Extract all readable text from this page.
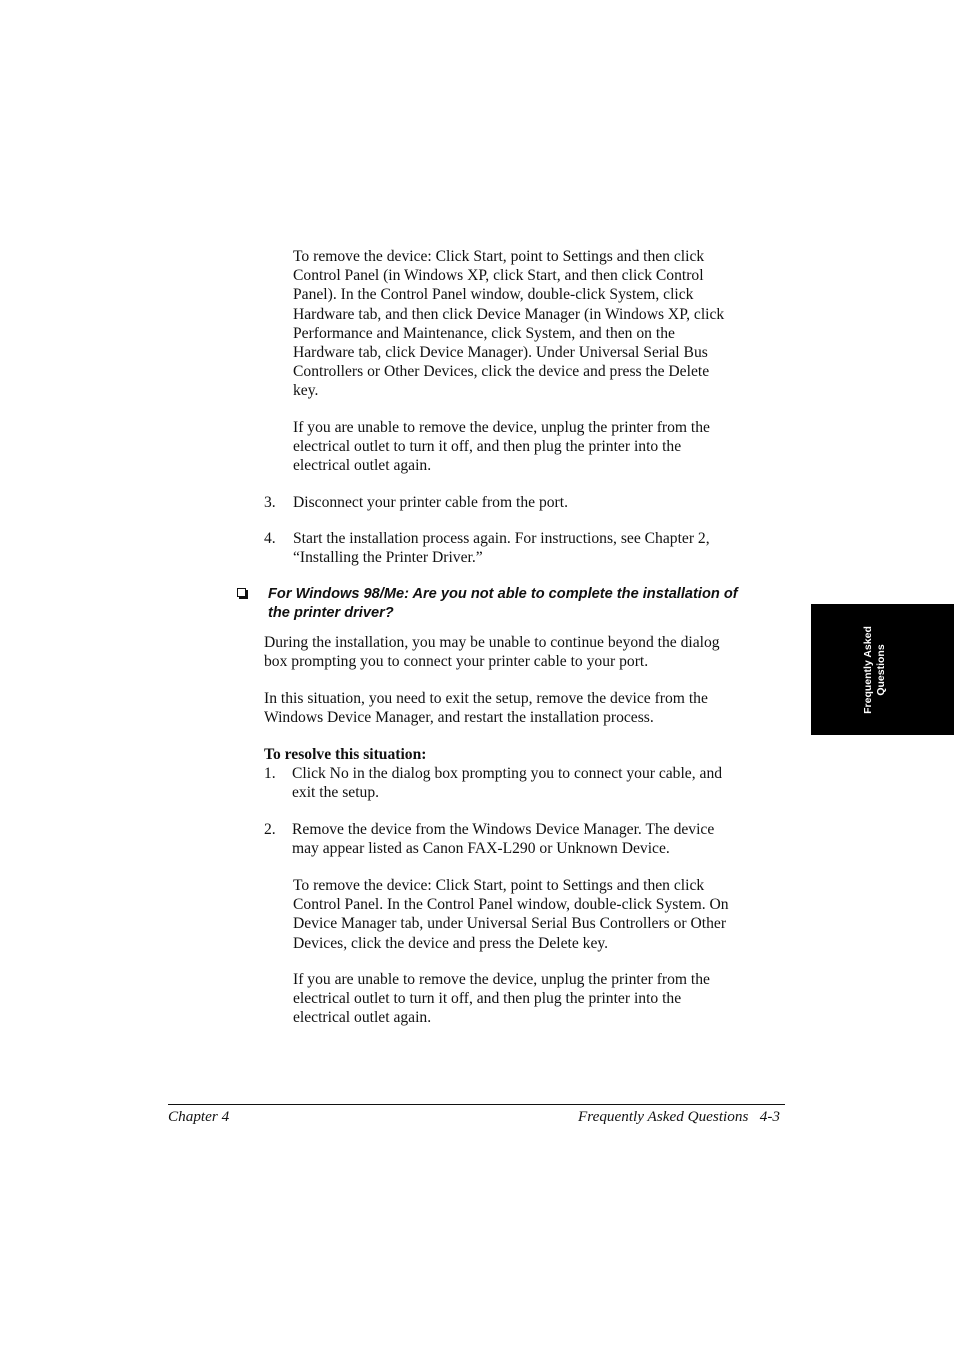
To remove the device: Click Start, point to Settings and then click
Control Panel (in Windows XP, click Start, and then click Control
Panel). In the Control Panel window, double-click System, click
Hardware tab, and then click Device Manager (in Windows XP, click
Performance and Maintenance, click System, and then on the
Hardware tab, click Device Manager). Under Universal Serial Bus
Controllers or Other Devices, click the device and press the Delete
key.
If you are unable to remove the device, unplug the printer from the
electrical outlet to turn it off, and then plug the printer into the
electrical outlet again.
3. Disconnect your printer cable from the port.
4. Start the installation process again. For instructions, see Chapter 2,
“Installing the Printer Driver.”
For Windows 98/Me: Are you not able to complete the installation of
the printer driver?
During the installation, you may be unable to continue beyond the dialog
box prompting you to connect your printer cable to your port.
In this situation, you need to exit the setup, remove the device from the
Windows Device Manager, and restart the installation process.
To resolve this situation:
1. Click No in the dialog box prompting you to connect your cable, and
exit the setup.
2. Remove the device from the Windows Device Manager. The device
may appear listed as Canon FAX-L290 or Unknown Device.
To remove the device: Click Start, point to Settings and then click
Control Panel. In the Control Panel window, double-click System. On
Device Manager tab, under Universal Serial Bus Controllers or Other
Devices, click the device and press the Delete key.
If you are unable to remove the device, unplug the printer from the
electrical outlet to turn it off, and then plug the printer into the
electrical outlet again.
Frequently Asked Questions
Chapter 4	Frequently Asked Questions   4-3
